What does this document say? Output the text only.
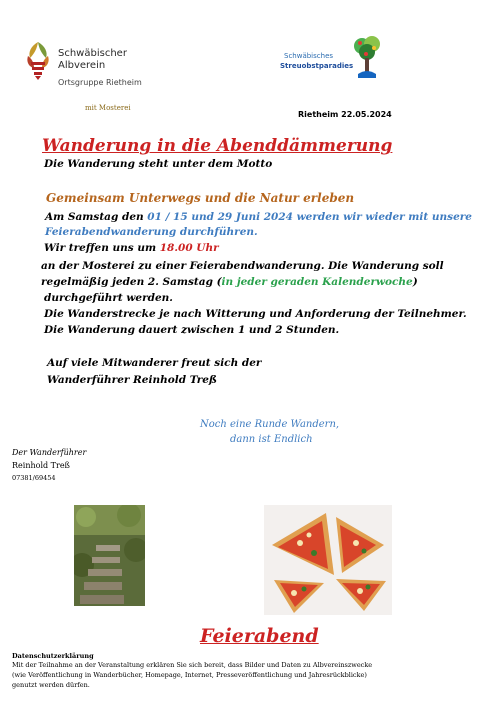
Schwäbischer
Albverein
Ortsgruppe Rietheim
mit Mosterei
Schwäbisches
Streuobstparadies
Rietheim 22.05.2024
Wanderung in die Abenddämmerung
Die Wanderung steht unter dem Motto
Gemeinsam Unterwegs und die Natur erleben
Am Samstag den 01 / 15 und 29 Juni 2024 werden wir wieder mit unsere
Feierabendwanderung durchführen.
Wir treffen uns um 18.00 Uhr
an der Mosterei zu einer Feierabendwanderung. Die Wanderung soll
regelmäßig jeden 2. Samstag (in jeder geraden Kalenderwoche)
durchgeführt werden.
Die Wanderstrecke je nach Witterung und Anforderung der Teilnehmer.
Die Wanderung dauert zwischen 1 und 2 Stunden.
Auf viele Mitwanderer freut sich der
Wanderführer Reinhold Treß
Noch eine Runde Wandern,
dann ist Endlich
Der Wanderführer
Reinhold Treß
07381/69454
Feierabend
Datenschutzerklärung
Mit der Teilnahme an der Veranstaltung erklären Sie sich bereit, dass Bilder und Daten zu Albvereinszwecke
(wie Veröffentlichung in Wanderbücher, Homepage, Internet, Presseveröffentlichung und Jahresrückblicke)
genutzt werden dürfen.
